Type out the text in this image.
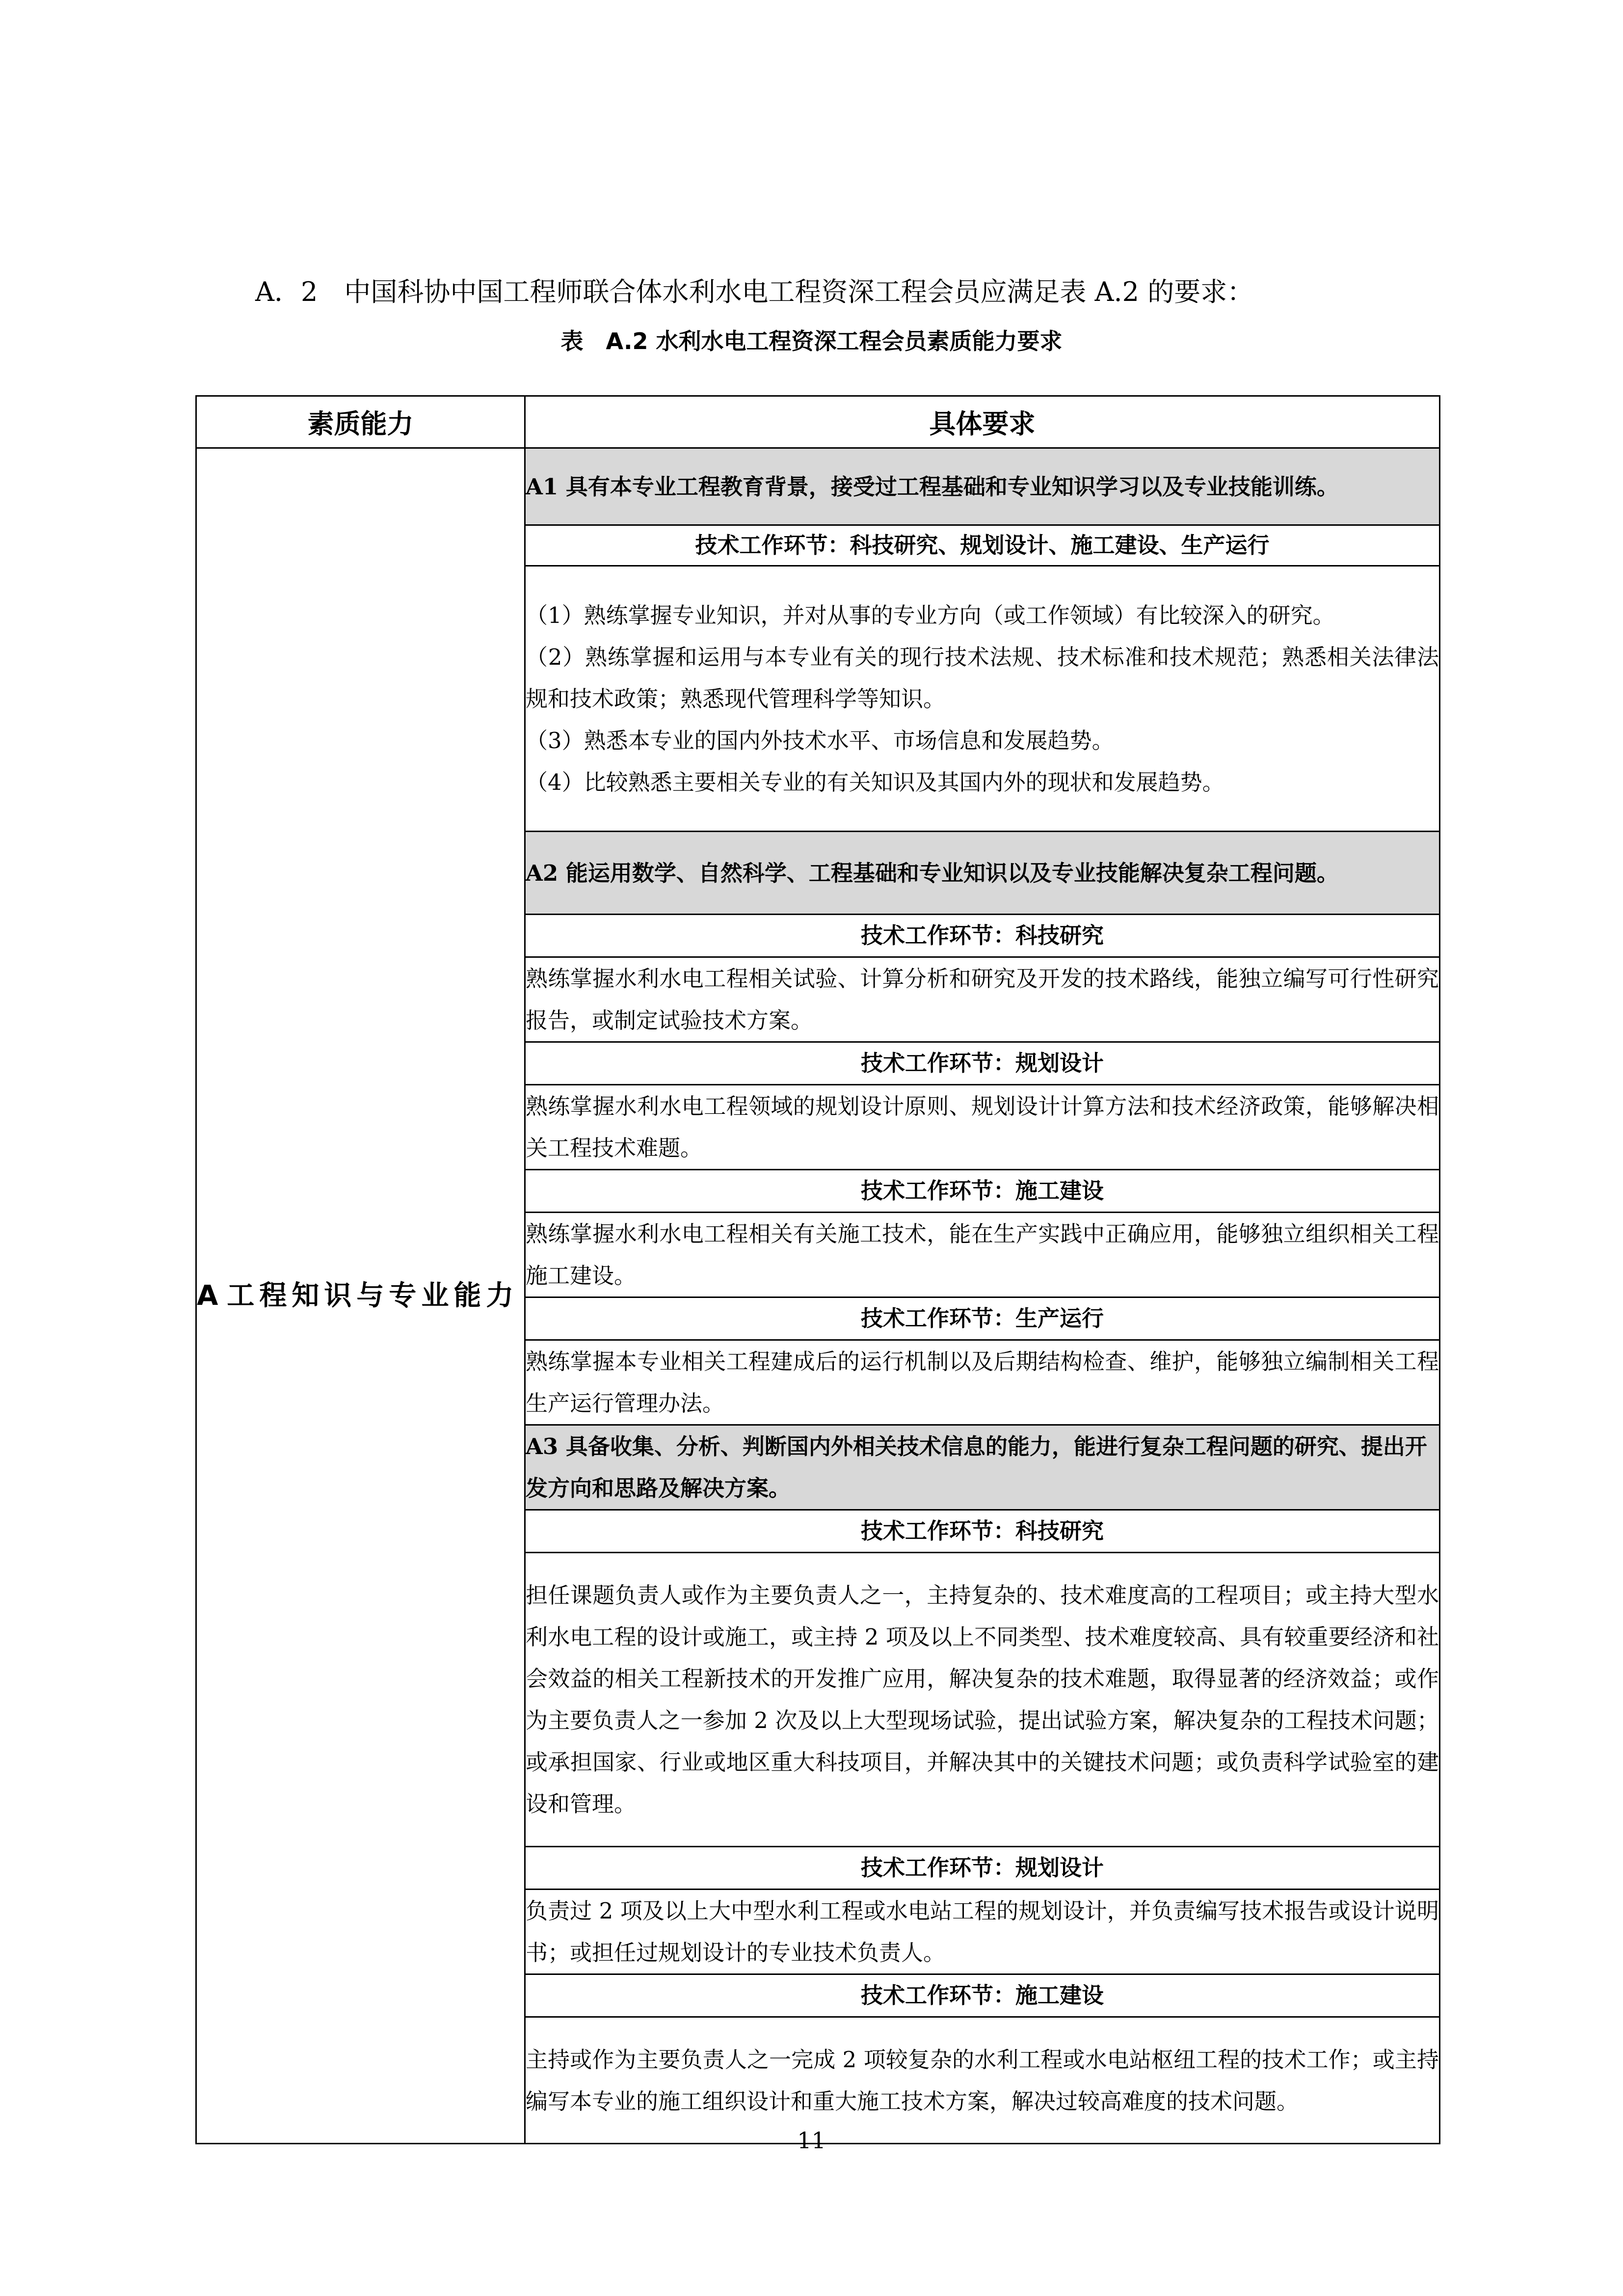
A．2　中国科协中国工程师联合体水利水电工程资深工程会员应满足表 A.2 的要求：
表　A.2 水利水电工程资深工程会员素质能力要求
素质能力	具体要求
A 工程知识与专业能力	A1 具有本专业工程教育背景，接受过工程基础和专业知识学习以及专业技能训练。
	技术工作环节：科技研究、规划设计、施工建设、生产运行

	（1）熟练掌握专业知识，并对从事的专业方向（或工作领域）有比较深入的研究。

（2）熟练掌握和运用与本专业有关的现行技术法规、技术标准和技术规范；熟悉相关法律法规和技术政策；熟悉现代管理科学等知识。

（3）熟悉本专业的国内外技术水平、市场信息和发展趋势。

（4）比较熟悉主要相关专业的有关知识及其国内外的现状和发展趋势。

	A2 能运用数学、自然科学、工程基础和专业知识以及专业技能解决复杂工程问题。
	技术工作环节：科技研究
	熟练掌握水利水电工程相关试验、计算分析和研究及开发的技术路线，能独立编写可行性研究报告，或制定试验技术方案。
	技术工作环节：规划设计
	熟练掌握水利水电工程领域的规划设计原则、规划设计计算方法和技术经济政策，能够解决相关工程技术难题。
	技术工作环节：施工建设
	熟练掌握水利水电工程相关有关施工技术，能在生产实践中正确应用，能够独立组织相关工程施工建设。
	技术工作环节：生产运行
	熟练掌握本专业相关工程建成后的运行机制以及后期结构检查、维护，能够独立编制相关工程生产运行管理办法。
	A3 具备收集、分析、判断国内外相关技术信息的能力，能进行复杂工程问题的研究、提出开发方向和思路及解决方案。
	技术工作环节：科技研究
	担任课题负责人或作为主要负责人之一，主持复杂的、技术难度高的工程项目；或主持大型水利水电工程的设计或施工，或主持 2 项及以上不同类型、技术难度较高、具有较重要经济和社会效益的相关工程新技术的开发推广应用，解决复杂的技术难题，取得显著的经济效益；或作为主要负责人之一参加 2 次及以上大型现场试验，提出试验方案，解决复杂的工程技术问题；或承担国家、行业或地区重大科技项目，并解决其中的关键技术问题；或负责科学试验室的建设和管理。
	技术工作环节：规划设计
	负责过 2 项及以上大中型水利工程或水电站工程的规划设计，并负责编写技术报告或设计说明书；或担任过规划设计的专业技术负责人。
	技术工作环节：施工建设
	主持或作为主要负责人之一完成 2 项较复杂的水利工程或水电站枢纽工程的技术工作；或主持编写本专业的施工组织设计和重大施工技术方案，解决过较高难度的技术问题。
11
